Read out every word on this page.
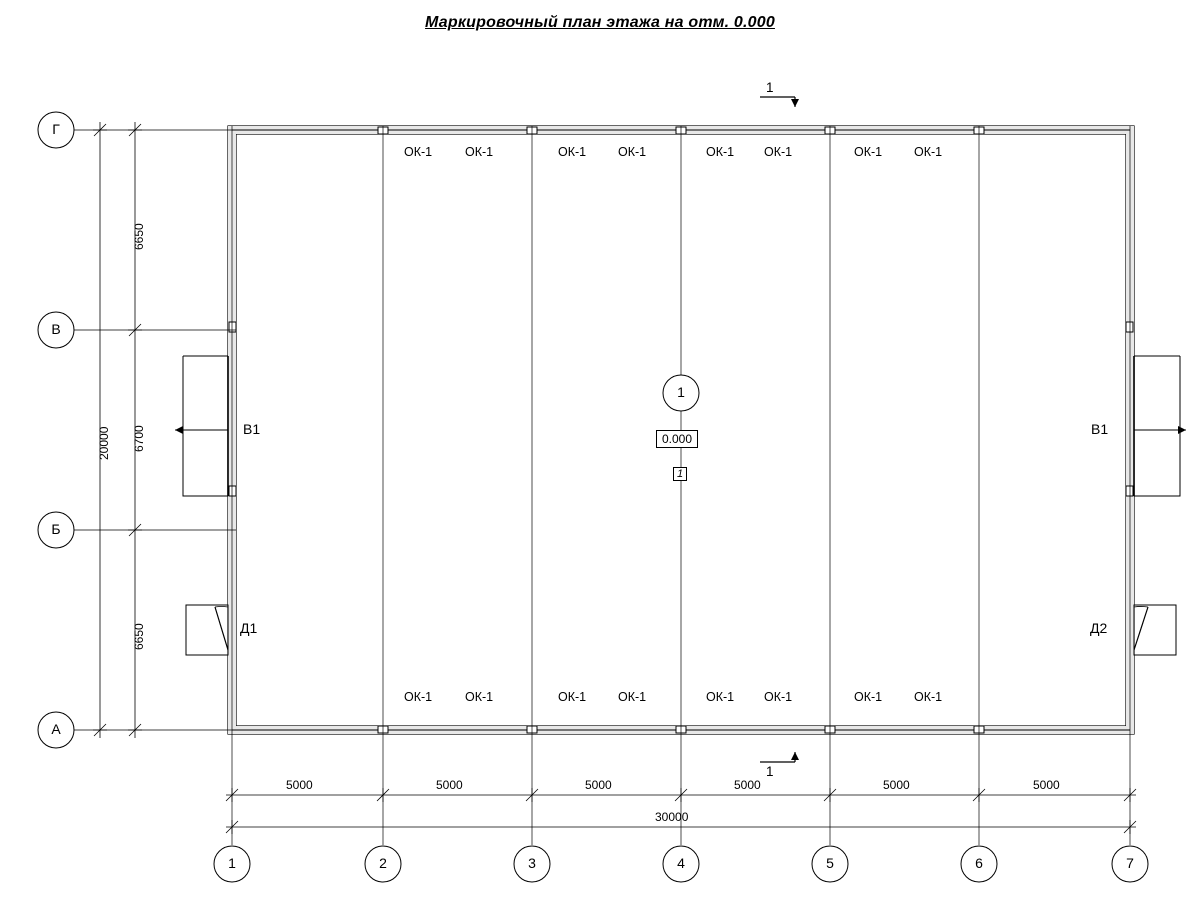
Маркировочный план этажа на отм. 0.000
А
Б
В
Г
1	2	3	4	5	6	7
5000	5000	5000	5000	5000	5000
30000
6650
6700
6650
20000
ОК-1	ОК-1	ОК-1	ОК-1	ОК-1 ОК-1	ОК-1	ОК-1
ОК-1	ОК-1	ОК-1	ОК-1	ОК-1 ОК-1	ОК-1	ОК-1
В1	В1
Д1	Д2
1
0.000
1
1
1
